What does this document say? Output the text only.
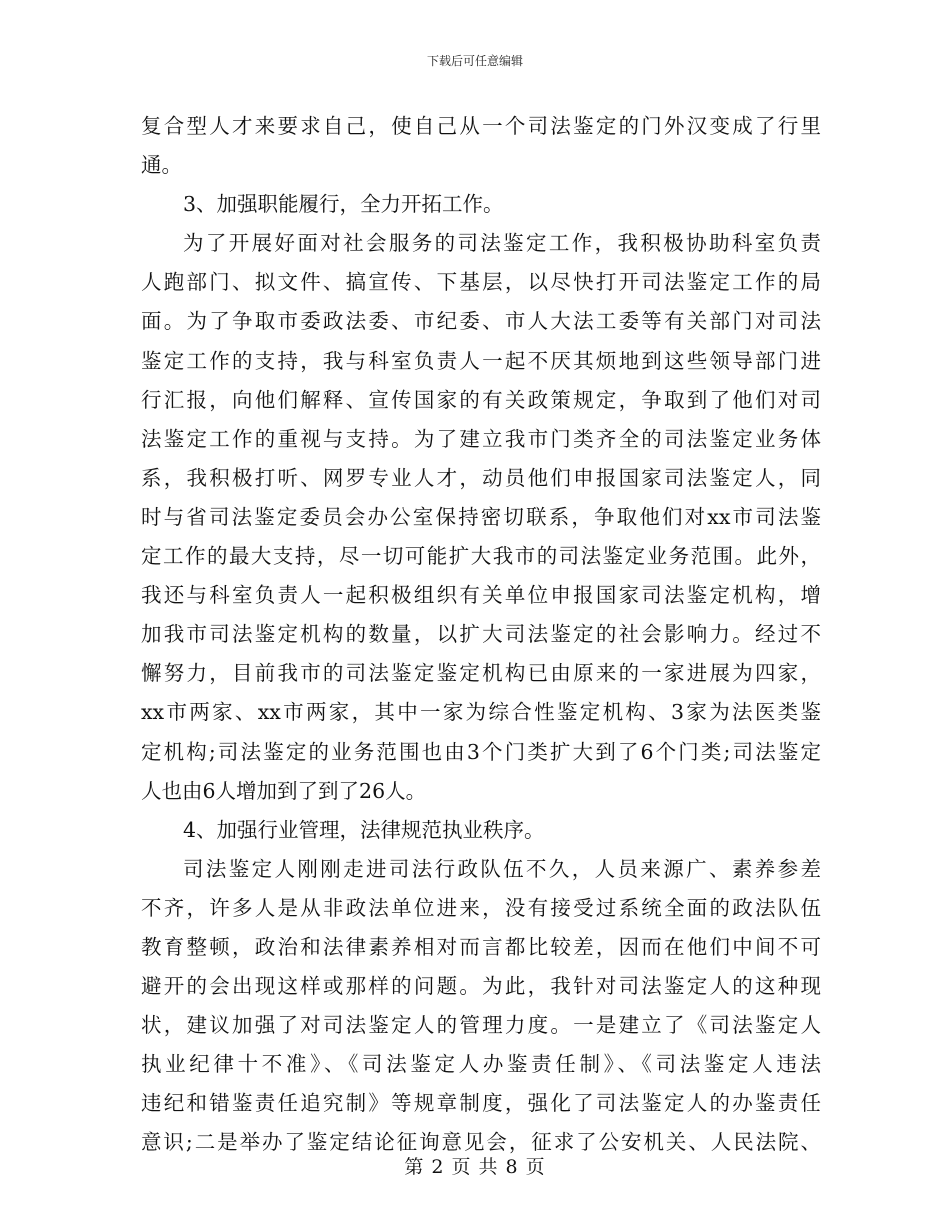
下载后可任意编辑
复合型人才来要求自己，使自己从一个司法鉴定的门外汉变成了行里
通。
3、加强职能履行，全力开拓工作。
为了开展好面对社会服务的司法鉴定工作，我积极协助科室负责
人跑部门、拟文件、搞宣传、下基层，以尽快打开司法鉴定工作的局
面。为了争取市委政法委、市纪委、市人大法工委等有关部门对司法
鉴定工作的支持，我与科室负责人一起不厌其烦地到这些领导部门进
行汇报，向他们解释、宣传国家的有关政策规定，争取到了他们对司
法鉴定工作的重视与支持。为了建立我市门类齐全的司法鉴定业务体
系，我积极打听、网罗专业人才，动员他们申报国家司法鉴定人，同
时与省司法鉴定委员会办公室保持密切联系，争取他们对xx市司法鉴
定工作的最大支持，尽一切可能扩大我市的司法鉴定业务范围。此外，
我还与科室负责人一起积极组织有关单位申报国家司法鉴定机构，增
加我市司法鉴定机构的数量，以扩大司法鉴定的社会影响力。经过不
懈努力，目前我市的司法鉴定鉴定机构已由原来的一家进展为四家，
xx市两家、xx市两家，其中一家为综合性鉴定机构、3家为法医类鉴
定机构;司法鉴定的业务范围也由3个门类扩大到了6个门类;司法鉴定
人也由6人增加到了到了26人。
4、加强行业管理，法律规范执业秩序。
司法鉴定人刚刚走进司法行政队伍不久，人员来源广、素养参差
不齐，许多人是从非政法单位进来，没有接受过系统全面的政法队伍
教育整顿，政治和法律素养相对而言都比较差，因而在他们中间不可
避开的会出现这样或那样的问题。为此，我针对司法鉴定人的这种现
状，建议加强了对司法鉴定人的管理力度。一是建立了《司法鉴定人
执业纪律十不准》、《司法鉴定人办鉴责任制》、《司法鉴定人违法
违纪和错鉴责任追究制》等规章制度，强化了司法鉴定人的办鉴责任
意识;二是举办了鉴定结论征询意见会，征求了公安机关、人民法院、
第 2 页 共 8 页
